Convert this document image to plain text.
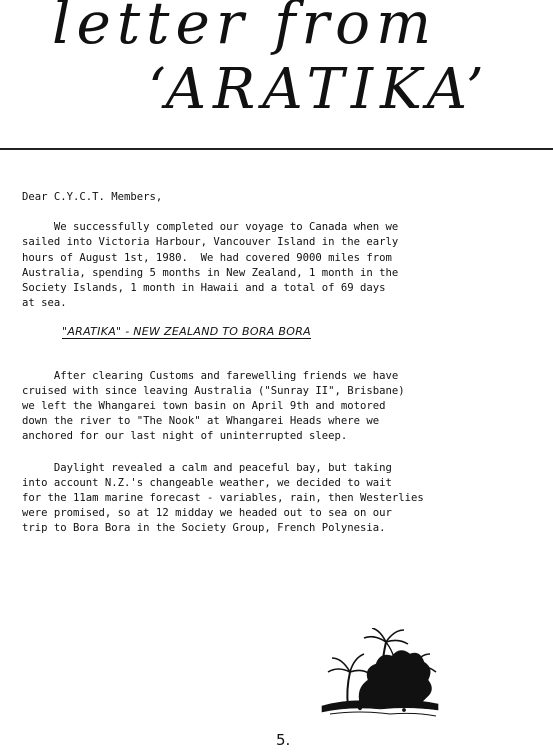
letter from
‘ARATIKA’
Dear C.Y.C.T. Members,
We successfully completed our voyage to Canada when we
sailed into Victoria Harbour, Vancouver Island in the early
hours of August 1st, 1980.  We had covered 9000 miles from
Australia, spending 5 months in New Zealand, 1 month in the
Society Islands, 1 month in Hawaii and a total of 69 days
at sea.
"ARATIKA" - NEW ZEALAND TO BORA BORA
After clearing Customs and farewelling friends we have
cruised with since leaving Australia ("Sunray II", Brisbane)
we left the Whangarei town basin on April 9th and motored
down the river to "The Nook" at Whangarei Heads where we
anchored for our last night of uninterrupted sleep.
Daylight revealed a calm and peaceful bay, but taking
into account N.Z.'s changeable weather, we decided to wait
for the 11am marine forecast - variables, rain, then Westerlies
were promised, so at 12 midday we headed out to sea on our
trip to Bora Bora in the Society Group, French Polynesia.
5.
